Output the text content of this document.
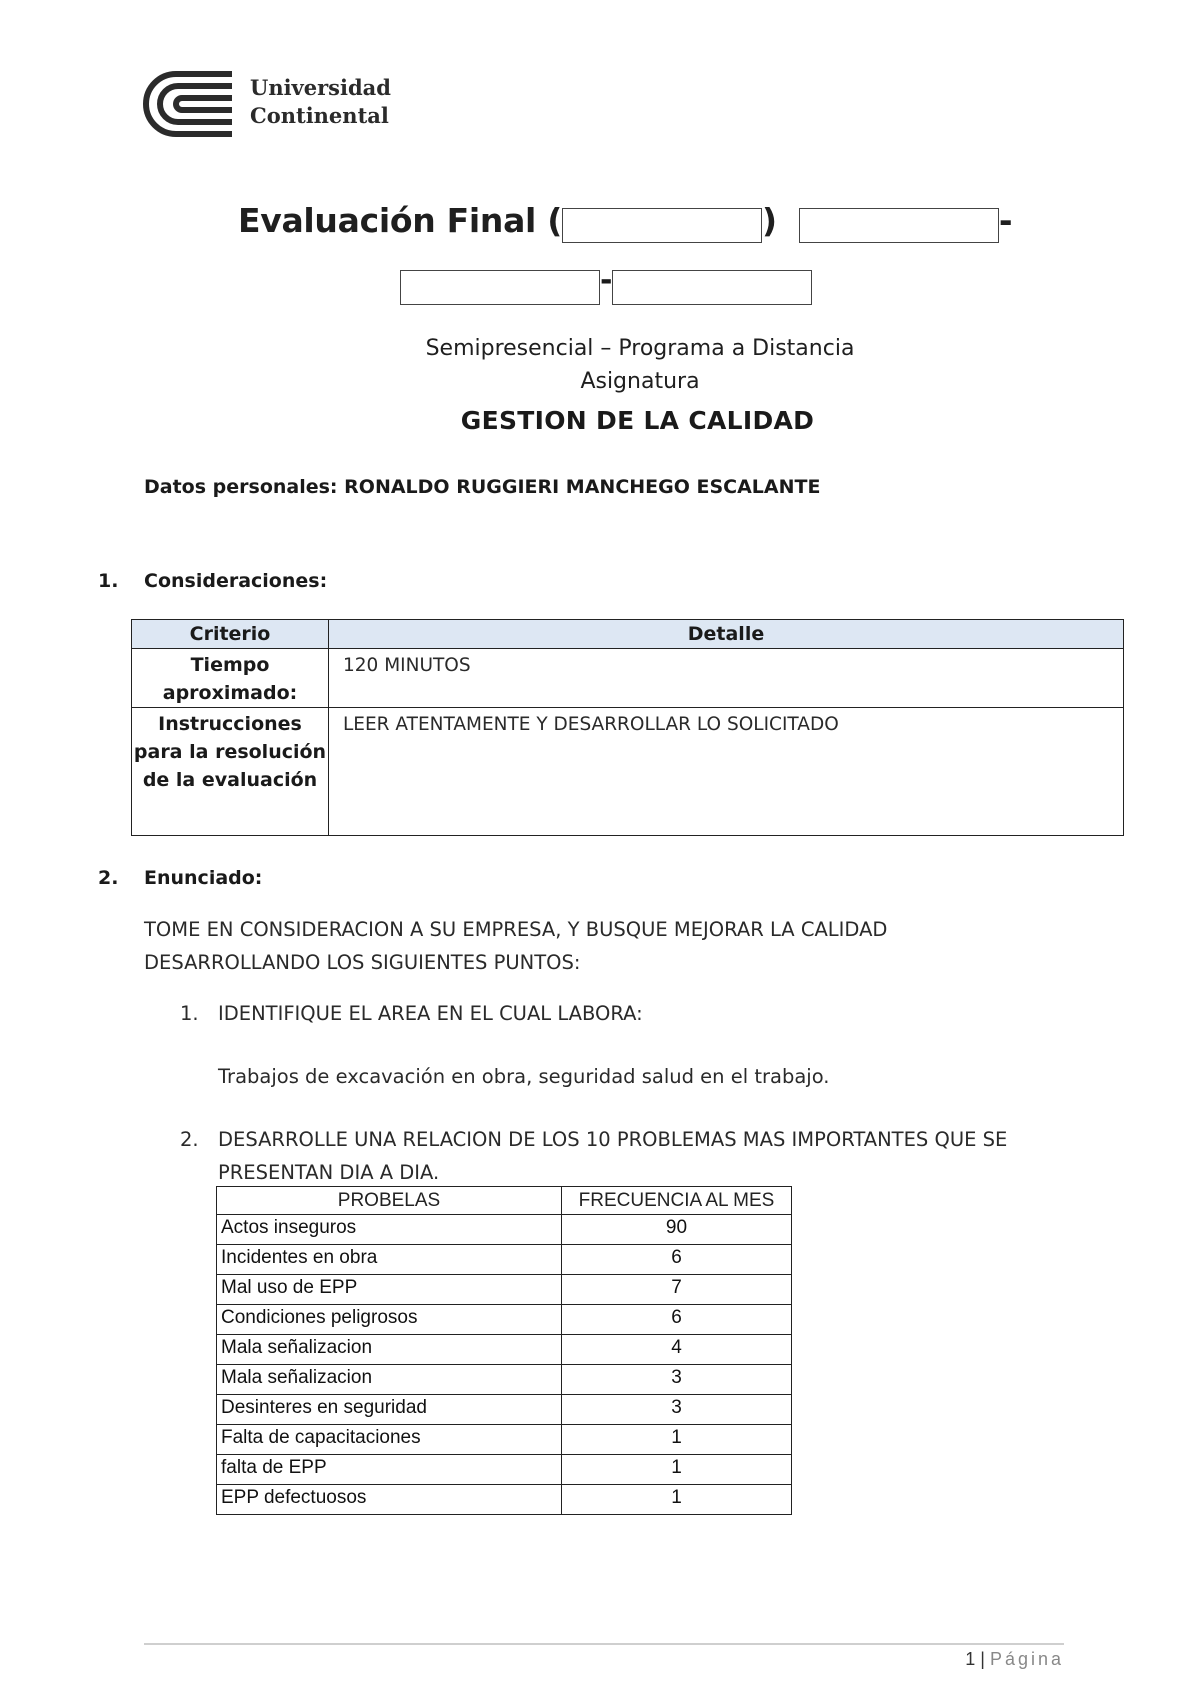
Universidad
Continental
Evaluación Final (	)	-
-
Semipresencial – Programa a Distancia
Asignatura
GESTION DE LA CALIDAD
Datos personales: RONALDO RUGGIERI MANCHEGO ESCALANTE
1. Consideraciones:
Criterio	Detalle
Tiempo aproximado:	120 MINUTOS
Instrucciones para la resolución de la evaluación	LEER ATENTAMENTE Y DESARROLLAR LO SOLICITADO
2. Enunciado:
TOME EN CONSIDERACION A SU EMPRESA, Y BUSQUE MEJORAR LA CALIDAD
DESARROLLANDO LOS SIGUIENTES PUNTOS:
1. IDENTIFIQUE EL AREA EN EL CUAL LABORA:
Trabajos de excavación en obra, seguridad salud en el trabajo.
2. DESARROLLE UNA RELACION DE LOS 10 PROBLEMAS MAS IMPORTANTES QUE SE
PRESENTAN DIA A DIA.
PROBELAS	FRECUENCIA AL MES
Actos inseguros	90
Incidentes en obra	6
Mal uso de EPP	7
Condiciones peligrosos	6
Mala señalizacion	4
Mala señalizacion	3
Desinteres en seguridad	3
Falta de capacitaciones	1
falta de EPP	1
EPP defectuosos	1
1 | Página
